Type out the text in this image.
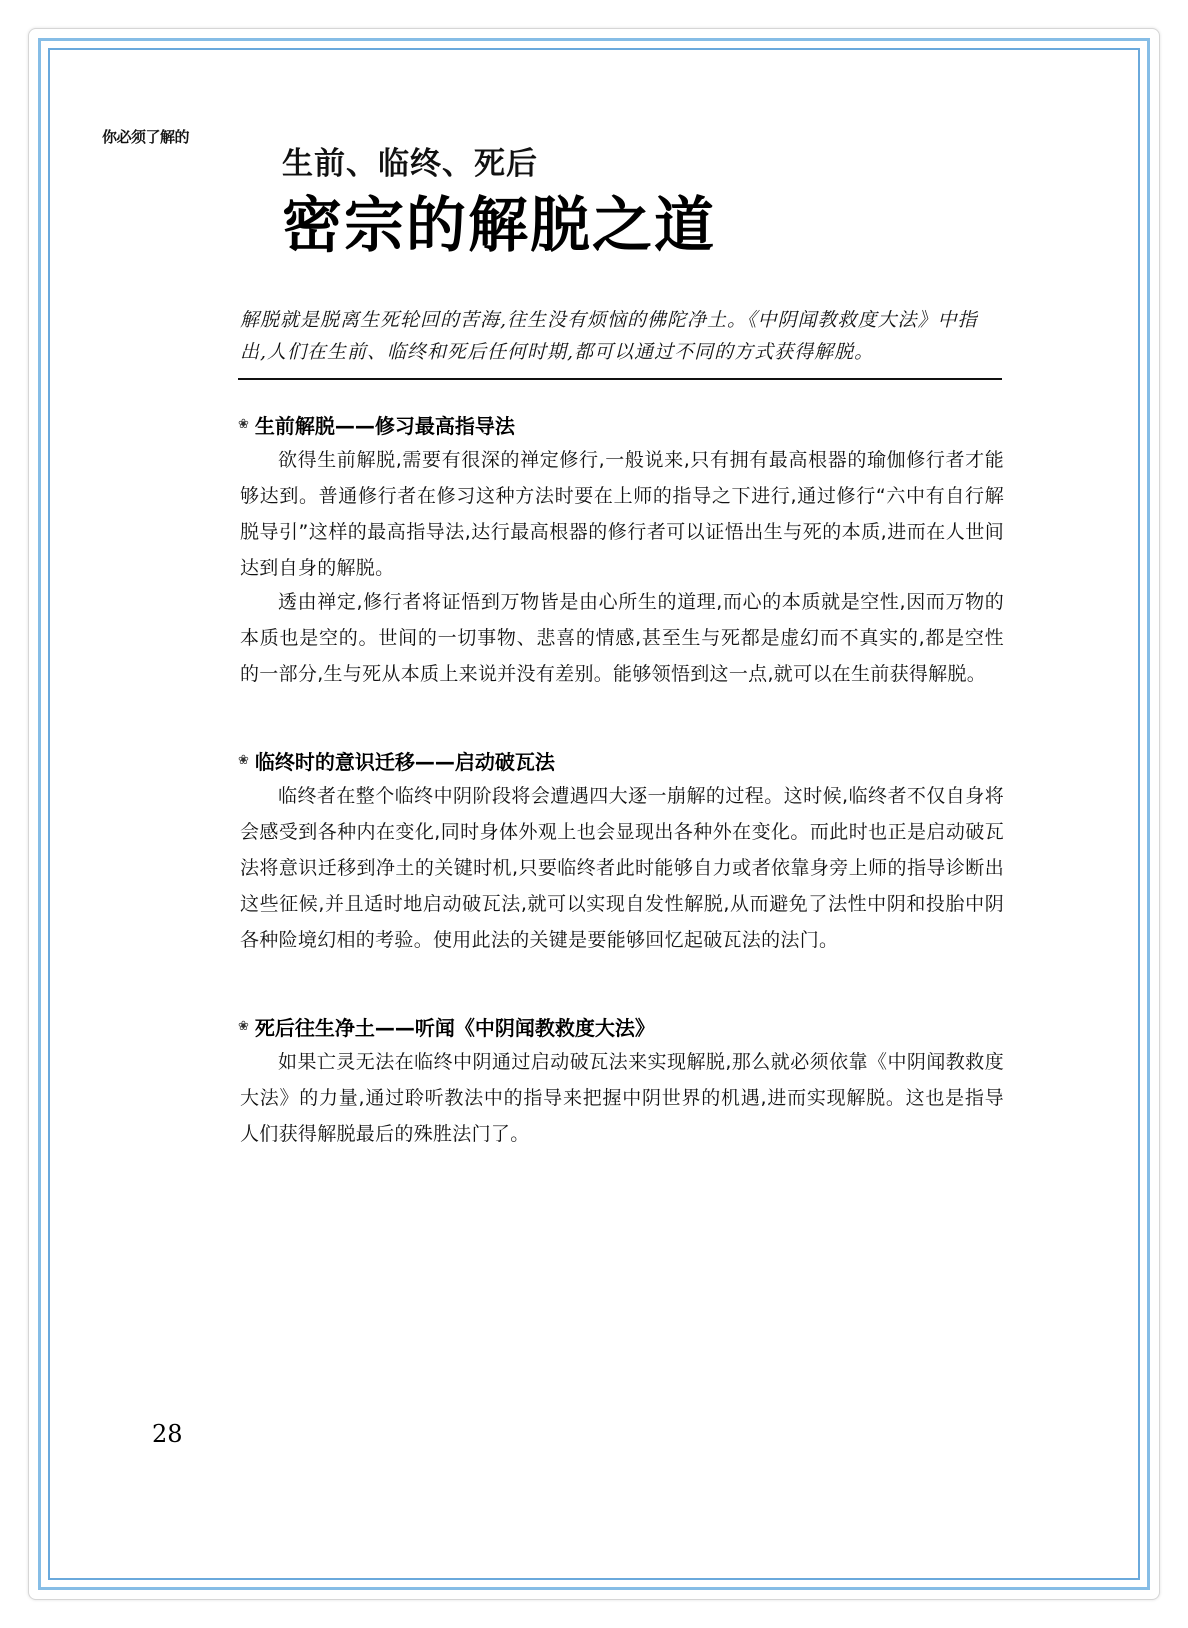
你必须了解的
生前、临终、死后
密宗的解脱之道
解脱就是脱离生死轮回的苦海,往生没有烦恼的佛陀净土。《中阴闻教救度大法》中指出,人们在生前、临终和死后任何时期,都可以通过不同的方式获得解脱。
❀ 生前解脱——修习最高指导法
欲得生前解脱,需要有很深的禅定修行,一般说来,只有拥有最高根器的瑜伽修行者才能够达到。普通修行者在修习这种方法时要在上师的指导之下进行,通过修行“六中有自行解脱导引”这样的最高指导法,达行最高根器的修行者可以证悟出生与死的本质,进而在人世间达到自身的解脱。
透由禅定,修行者将证悟到万物皆是由心所生的道理,而心的本质就是空性,因而万物的本质也是空的。世间的一切事物、悲喜的情感,甚至生与死都是虚幻而不真实的,都是空性的一部分,生与死从本质上来说并没有差别。能够领悟到这一点,就可以在生前获得解脱。
❀ 临终时的意识迁移——启动破瓦法
临终者在整个临终中阴阶段将会遭遇四大逐一崩解的过程。这时候,临终者不仅自身将会感受到各种内在变化,同时身体外观上也会显现出各种外在变化。而此时也正是启动破瓦法将意识迁移到净土的关键时机,只要临终者此时能够自力或者依靠身旁上师的指导诊断出这些征候,并且适时地启动破瓦法,就可以实现自发性解脱,从而避免了法性中阴和投胎中阴各种险境幻相的考验。使用此法的关键是要能够回忆起破瓦法的法门。
❀ 死后往生净土——听闻《中阴闻教救度大法》
如果亡灵无法在临终中阴通过启动破瓦法来实现解脱,那么就必须依靠《中阴闻教救度大法》的力量,通过聆听教法中的指导来把握中阴世界的机遇,进而实现解脱。这也是指导人们获得解脱最后的殊胜法门了。
28
